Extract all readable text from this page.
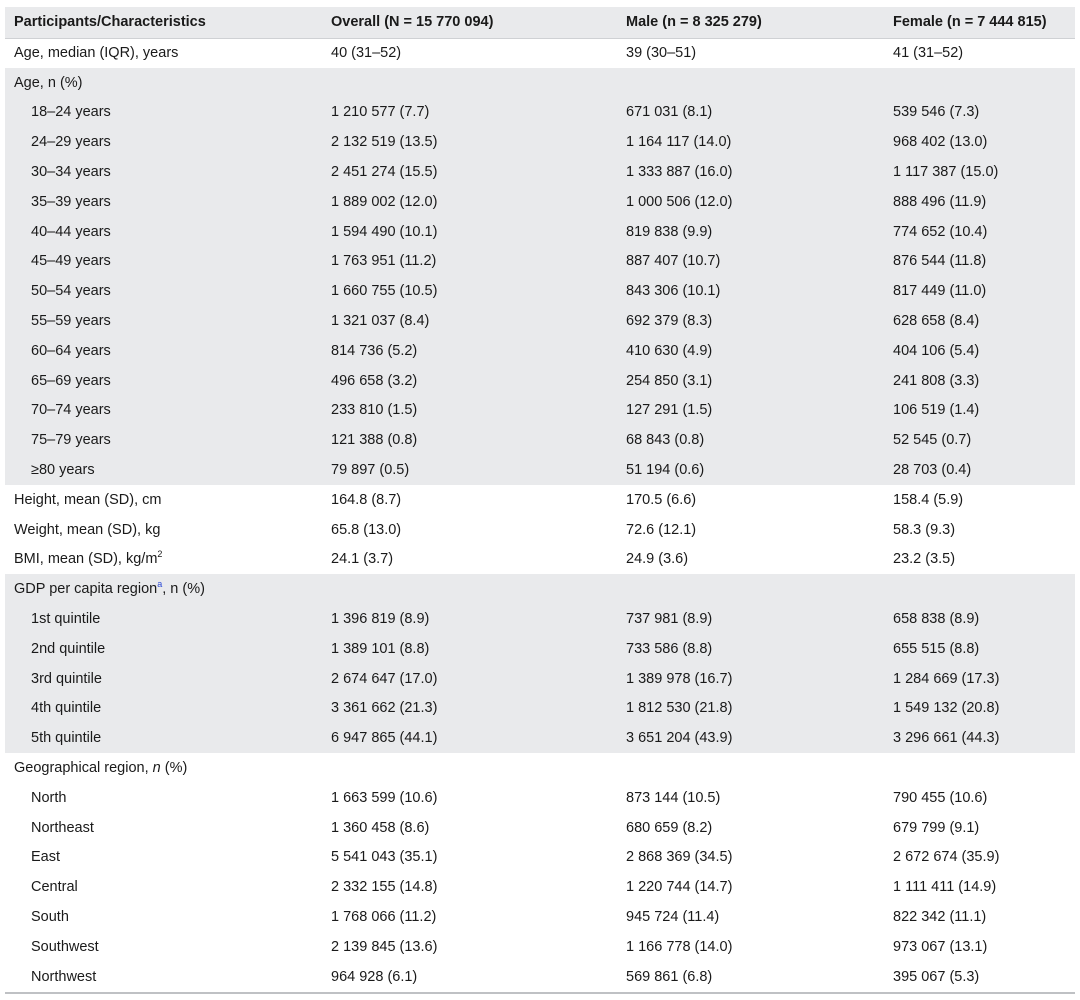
Participants/Characteristics	Overall (N = 15 770 094)	Male (n = 8 325 279)	Female (n = 7 444 815)
Age, median (IQR), years	40 (31–52)	39 (30–51)	41 (31–52)
Age, n (%)			
18–24 years	1 210 577 (7.7)	671 031 (8.1)	539 546 (7.3)
24–29 years	2 132 519 (13.5)	1 164 117 (14.0)	968 402 (13.0)
30–34 years	2 451 274 (15.5)	1 333 887 (16.0)	1 117 387 (15.0)
35–39 years	1 889 002 (12.0)	1 000 506 (12.0)	888 496 (11.9)
40–44 years	1 594 490 (10.1)	819 838 (9.9)	774 652 (10.4)
45–49 years	1 763 951 (11.2)	887 407 (10.7)	876 544 (11.8)
50–54 years	1 660 755 (10.5)	843 306 (10.1)	817 449 (11.0)
55–59 years	1 321 037 (8.4)	692 379 (8.3)	628 658 (8.4)
60–64 years	814 736 (5.2)	410 630 (4.9)	404 106 (5.4)
65–69 years	496 658 (3.2)	254 850 (3.1)	241 808 (3.3)
70–74 years	233 810 (1.5)	127 291 (1.5)	106 519 (1.4)
75–79 years	121 388 (0.8)	68 843 (0.8)	52 545 (0.7)
≥80 years	79 897 (0.5)	51 194 (0.6)	28 703 (0.4)
Height, mean (SD), cm	164.8 (8.7)	170.5 (6.6)	158.4 (5.9)
Weight, mean (SD), kg	65.8 (13.0)	72.6 (12.1)	58.3 (9.3)
BMI, mean (SD), $kg/m^2$	24.1 (3.7)	24.9 (3.6)	23.2 (3.5)
GDP per capita region$^a$, n (%)			
1st quintile	1 396 819 (8.9)	737 981 (8.9)	658 838 (8.9)
2nd quintile	1 389 101 (8.8)	733 586 (8.8)	655 515 (8.8)
3rd quintile	2 674 647 (17.0)	1 389 978 (16.7)	1 284 669 (17.3)
4th quintile	3 361 662 (21.3)	1 812 530 (21.8)	1 549 132 (20.8)
5th quintile	6 947 865 (44.1)	3 651 204 (43.9)	3 296 661 (44.3)
Geographical region, n (%)			
North	1 663 599 (10.6)	873 144 (10.5)	790 455 (10.6)
Northeast	1 360 458 (8.6)	680 659 (8.2)	679 799 (9.1)
East	5 541 043 (35.1)	2 868 369 (34.5)	2 672 674 (35.9)
Central	2 332 155 (14.8)	1 220 744 (14.7)	1 111 411 (14.9)
South	1 768 066 (11.2)	945 724 (11.4)	822 342 (11.1)
Southwest	2 139 845 (13.6)	1 166 778 (14.0)	973 067 (13.1)
Northwest	964 928 (6.1)	569 861 (6.8)	395 067 (5.3)
